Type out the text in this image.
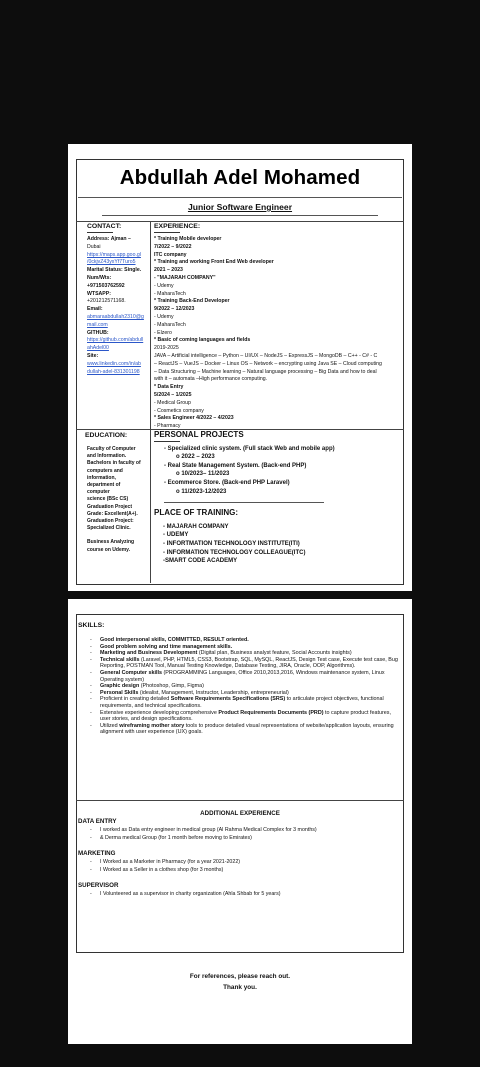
Abdullah Adel Mohamed
Junior Software Engineer
CONTACT:
Address: Ajman –
Dubai
https://maps.app.goo.gl
/0ckjvZ43yxYf7Turo5
Marital Status: Single.
Num/Wts:
+971503762592
WTSAPP:
+201212571168.
Email:
abmaraabdullah2310@g
mail.com
GITHUB:
https://github.com/abdull
ahAdel00
Site:
www.linkedin.com/in/ab
dullah-adel-831301198
EXPERIENCE:
* Training Mobile developer
7/2022 – 9/2022
ITC company
* Training and working Front End Web developer
2021 – 2023
- "MAJARAH COMPANY"
- Udemy
- MaharaTech
* Training Back-End Developer
9/2022 – 12/2023
- Udemy
- MaharaTech
- Elzero
* Basic of coming languages and fields
2019-2025
JAVA – Artificial intelligence – Python – UI/UX – NodeJS – ExpressJS – MongoDB – C++ - C# - C
– ReactJS – VueJS – Docker – Linux OS – Network – encrypting using Java SE – Cloud computing
– Data Structuring – Machine learning – Natural language processing – Big Data and how to deal
with it – automata –High performance computing.
* Data Entry
5/2024 – 1/2025
- Medical Group
- Cosmetics company
* Sales Engineer 4/2022 – 4/2023
- Pharmacy
EDUCATION:
Faculty of Computer
and Information.
Bachelors in faculty of
computers and
information,
department of
computer
science (BSc CS)
Graduation Project
Grade: Excellent(A+).
Graduation Project:
Specialized Clinic.
Business Analyzing
course on Udemy.
PERSONAL PROJECTS
- Specialized clinic system. (Full stack Web and mobile app)
o 2022 – 2023
- Real State Management System. (Back-end PHP)
o 10/2023– 11/2023
- Ecommerce Store. (Back-end PHP Laravel)
o 11/2023-12/2023
PLACE OF TRAINING:
- MAJARAH COMPANY
- UDEMY
- INFORTMATION TECHNOLOGY INSTITUTE(ITI)
- INFORMATION TECHNOLOGY COLLEAGUE(ITC)
-SMART CODE ACADEMY
SKILLS:
- Good interpersonal skills, COMMITTED, RESULT oriented.
- Good problem solving and time management skills.
- Marketing and Business Development (Digital plan, Business analyst feature, Social Accounts insights)
- Technical skills (Laravel, PHP, HTML5, CSS3, Bootstrap, SQL, MySQL, ReactJS, Design Test case, Execute test case, Bug Reporting, POSTMAN Tool, Manual Testing Knowledge, Database Testing, JIRA, Oracle, OOP, Algorithms).
- General Computer skills (PROGRAMMING Languages, Office 2010,2013,2016, Windows maintenance system, Linux Operating system)
- Graphic design (Photoshop, Gimp, Figma)
- Personal Skills (idealist, Management, Instructor, Leadership, entrepreneurial)
- Proficient in creating detailed Software Requirements Specifications (SRS) to articulate project objectives, functional requirements, and technical specifications.
- Extensive experience developing comprehensive Product Requirements Documents (PRD) to capture product features, user stories, and design specifications.
- Utilized wireframing mother story tools to produce detailed visual representations of website/application layouts, ensuring alignment with user experience (UX) goals.
ADDITIONAL EXPERIENCE
DATA ENTRY
- I worked as Data entry engineer in medical group (Al Rahma Medical Complex for 3 months)
- & Derma medical Group (for 1 month before moving to Emirates)
MARKETING
- I Worked as a Marketer in Pharmacy (for a year 2021-2022)
- I Worked as a Seller in a clothes shop (for 3 months)
SUPERVISOR
- I Volunteered as a supervisor in charity organization (Ahla Shbab for 5 years)
For references, please reach out.
Thank you.
